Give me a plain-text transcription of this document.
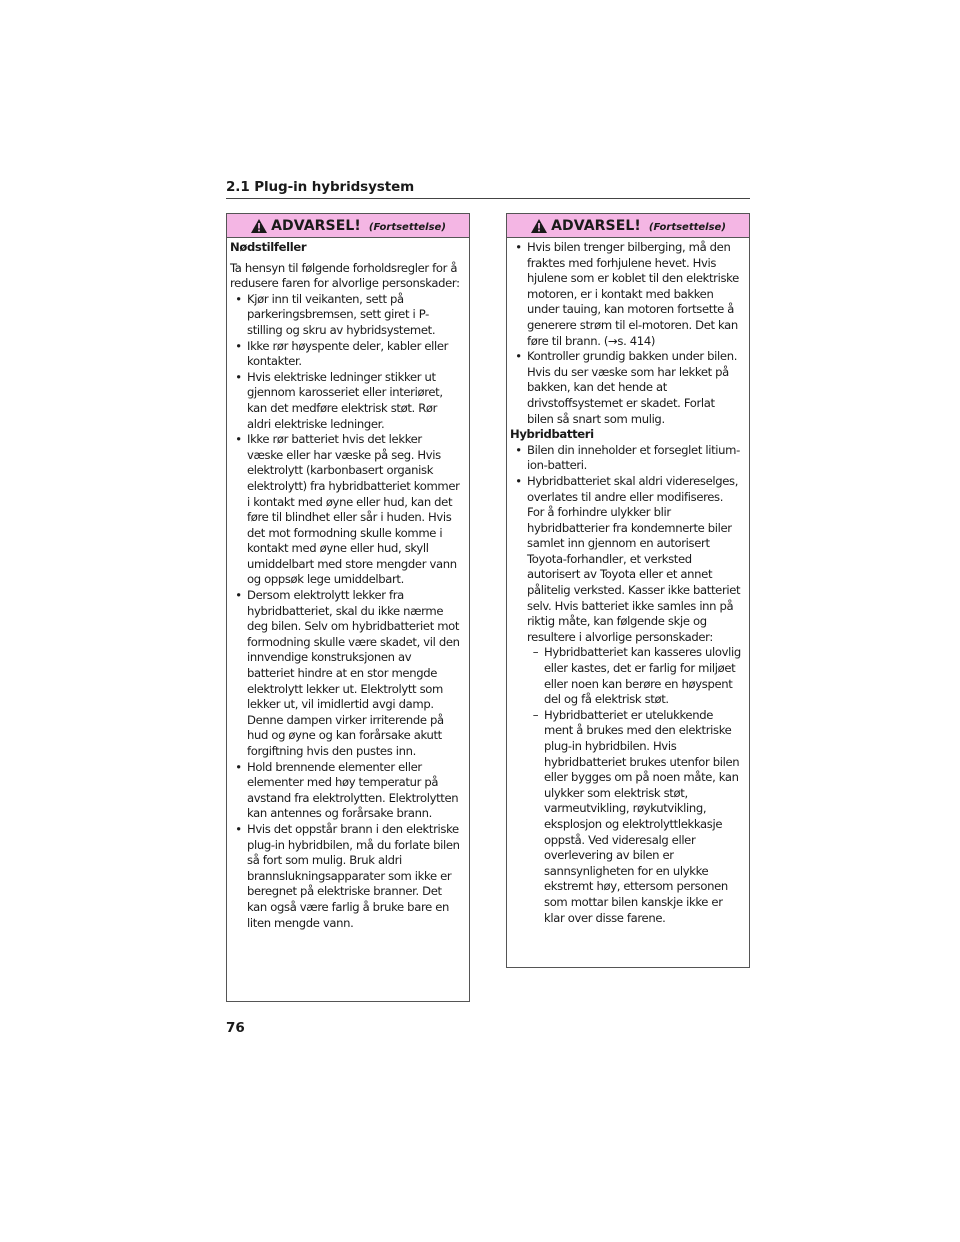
2.1 Plug-in hybridsystem
ADVARSEL! (Fortsettelse)

Nødstilfeller

Ta hensyn til følgende forholdsregler for å redusere faren for alvorlige personskader:

• Kjør inn til veikanten, sett på parkeringsbremsen, sett giret i P-stilling og skru av hybridsystemet.
• Ikke rør høyspente deler, kabler eller kontakter.
• Hvis elektriske ledninger stikker ut gjennom karosseriet eller interiøret, kan det medføre elektrisk støt. Rør aldri elektriske ledninger.
• Ikke rør batteriet hvis det lekker væske eller har væske på seg. Hvis elektrolytt (karbonbasert organisk elektrolytt) fra hybridbatteriet kommer i kontakt med øyne eller hud, kan det føre til blindhet eller sår i huden. Hvis det mot formodning skulle komme i kontakt med øyne eller hud, skyll umiddelbart med store mengder vann og oppsøk lege umiddelbart.
• Dersom elektrolytt lekker fra hybridbatteriet, skal du ikke nærme deg bilen. Selv om hybridbatteriet mot formodning skulle være skadet, vil den innvendige konstruksjonen av batteriet hindre at en stor mengde elektrolytt lekker ut. Elektrolytt som lekker ut, vil imidlertid avgi damp. Denne dampen virker irriterende på hud og øyne og kan forårsake akutt forgiftning hvis den pustes inn.
• Hold brennende elementer eller elementer med høy temperatur på avstand fra elektrolytten. Elektrolytten kan antennes og forårsake brann.
• Hvis det oppstår brann i den elektriske plug-in hybridbilen, må du forlate bilen så fort som mulig. Bruk aldri brannslukningsapparater som ikke er beregnet på elektriske branner. Det kan også være farlig å bruke bare en liten mengde vann.
ADVARSEL! (Fortsettelse)
• Hvis bilen trenger bilberging, må den fraktes med forhjulene hevet. Hvis hjulene som er koblet til den elektriske motoren, er i kontakt med bakken under tauing, kan motoren fortsette å generere strøm til el-motoren. Det kan føre til brann. (→s. 414)
• Kontroller grundig bakken under bilen. Hvis du ser væske som har lekket på bakken, kan det hende at drivstoffsystemet er skadet. Forlat bilen så snart som mulig.

Hybridbatteri

• Bilen din inneholder et forseglet litium-ion-batteri.
• Hybridbatteriet skal aldri videreselges, overlates til andre eller modifiseres. For å forhindre ulykker blir hybridbatterier fra kondemnerte biler samlet inn gjennom en autorisert Toyota-forhandler, et verksted autorisert av Toyota eller et annet pålitelig verksted. Kasser ikke batteriet selv. Hvis batteriet ikke samles inn på riktig måte, kan følgende skje og resultere i alvorlige personskader:
– Hybridbatteriet kan kasseres ulovlig eller kastes, det er farlig for miljøet eller noen kan berøre en høyspent del og få elektrisk støt.
– Hybridbatteriet er utelukkende ment å brukes med den elektriske plug-in hybridbilen. Hvis hybridbatteriet brukes utenfor bilen eller bygges om på noen måte, kan ulykker som elektrisk støt, varmeutvikling, røykutvikling, eksplosjon og elektrolyttlekkasje oppstå. Ved videresalg eller overlevering av bilen er sannsynligheten for en ulykke ekstremt høy, ettersom personen som mottar bilen kanskje ikke er klar over disse farene.
76
